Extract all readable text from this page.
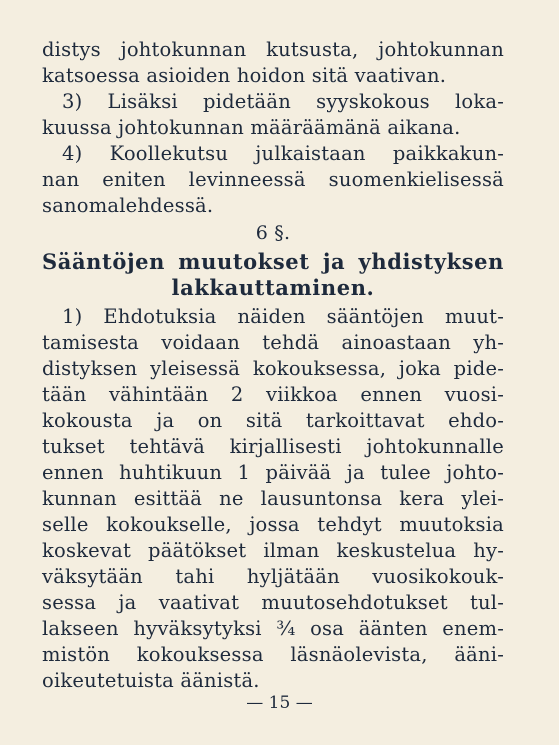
distys johtokunnan kutsusta, johtokunnan
katsoessa asioiden hoidon sitä vaativan.
3) Lisäksi pidetään syyskokous loka-
kuussa johtokunnan määräämänä aikana.
4) Koollekutsu julkaistaan paikkakun-
nan eniten levinneessä suomenkielisessä
sanomalehdessä.
6 §.
Sääntöjen muutokset ja yhdistyksen
lakkauttaminen.
1) Ehdotuksia näiden sääntöjen muut-
tamisesta voidaan tehdä ainoastaan yh-
distyksen yleisessä kokouksessa, joka pide-
tään vähintään 2 viikkoa ennen vuosi-
kokousta ja on sitä tarkoittavat ehdo-
tukset tehtävä kirjallisesti johtokunnalle
ennen huhtikuun 1 päivää ja tulee johto-
kunnan esittää ne lausuntonsa kera ylei-
selle kokoukselle, jossa tehdyt muutoksia
koskevat päätökset ilman keskustelua hy-
väksytään tahi hyljätään vuosikokouk-
sessa ja vaativat muutosehdotukset tul-
lakseen hyväksytyksi ¾ osa äänten enem-
mistön kokouksessa läsnäolevista, ääni-
oikeutetuista äänistä.
— 15 —
